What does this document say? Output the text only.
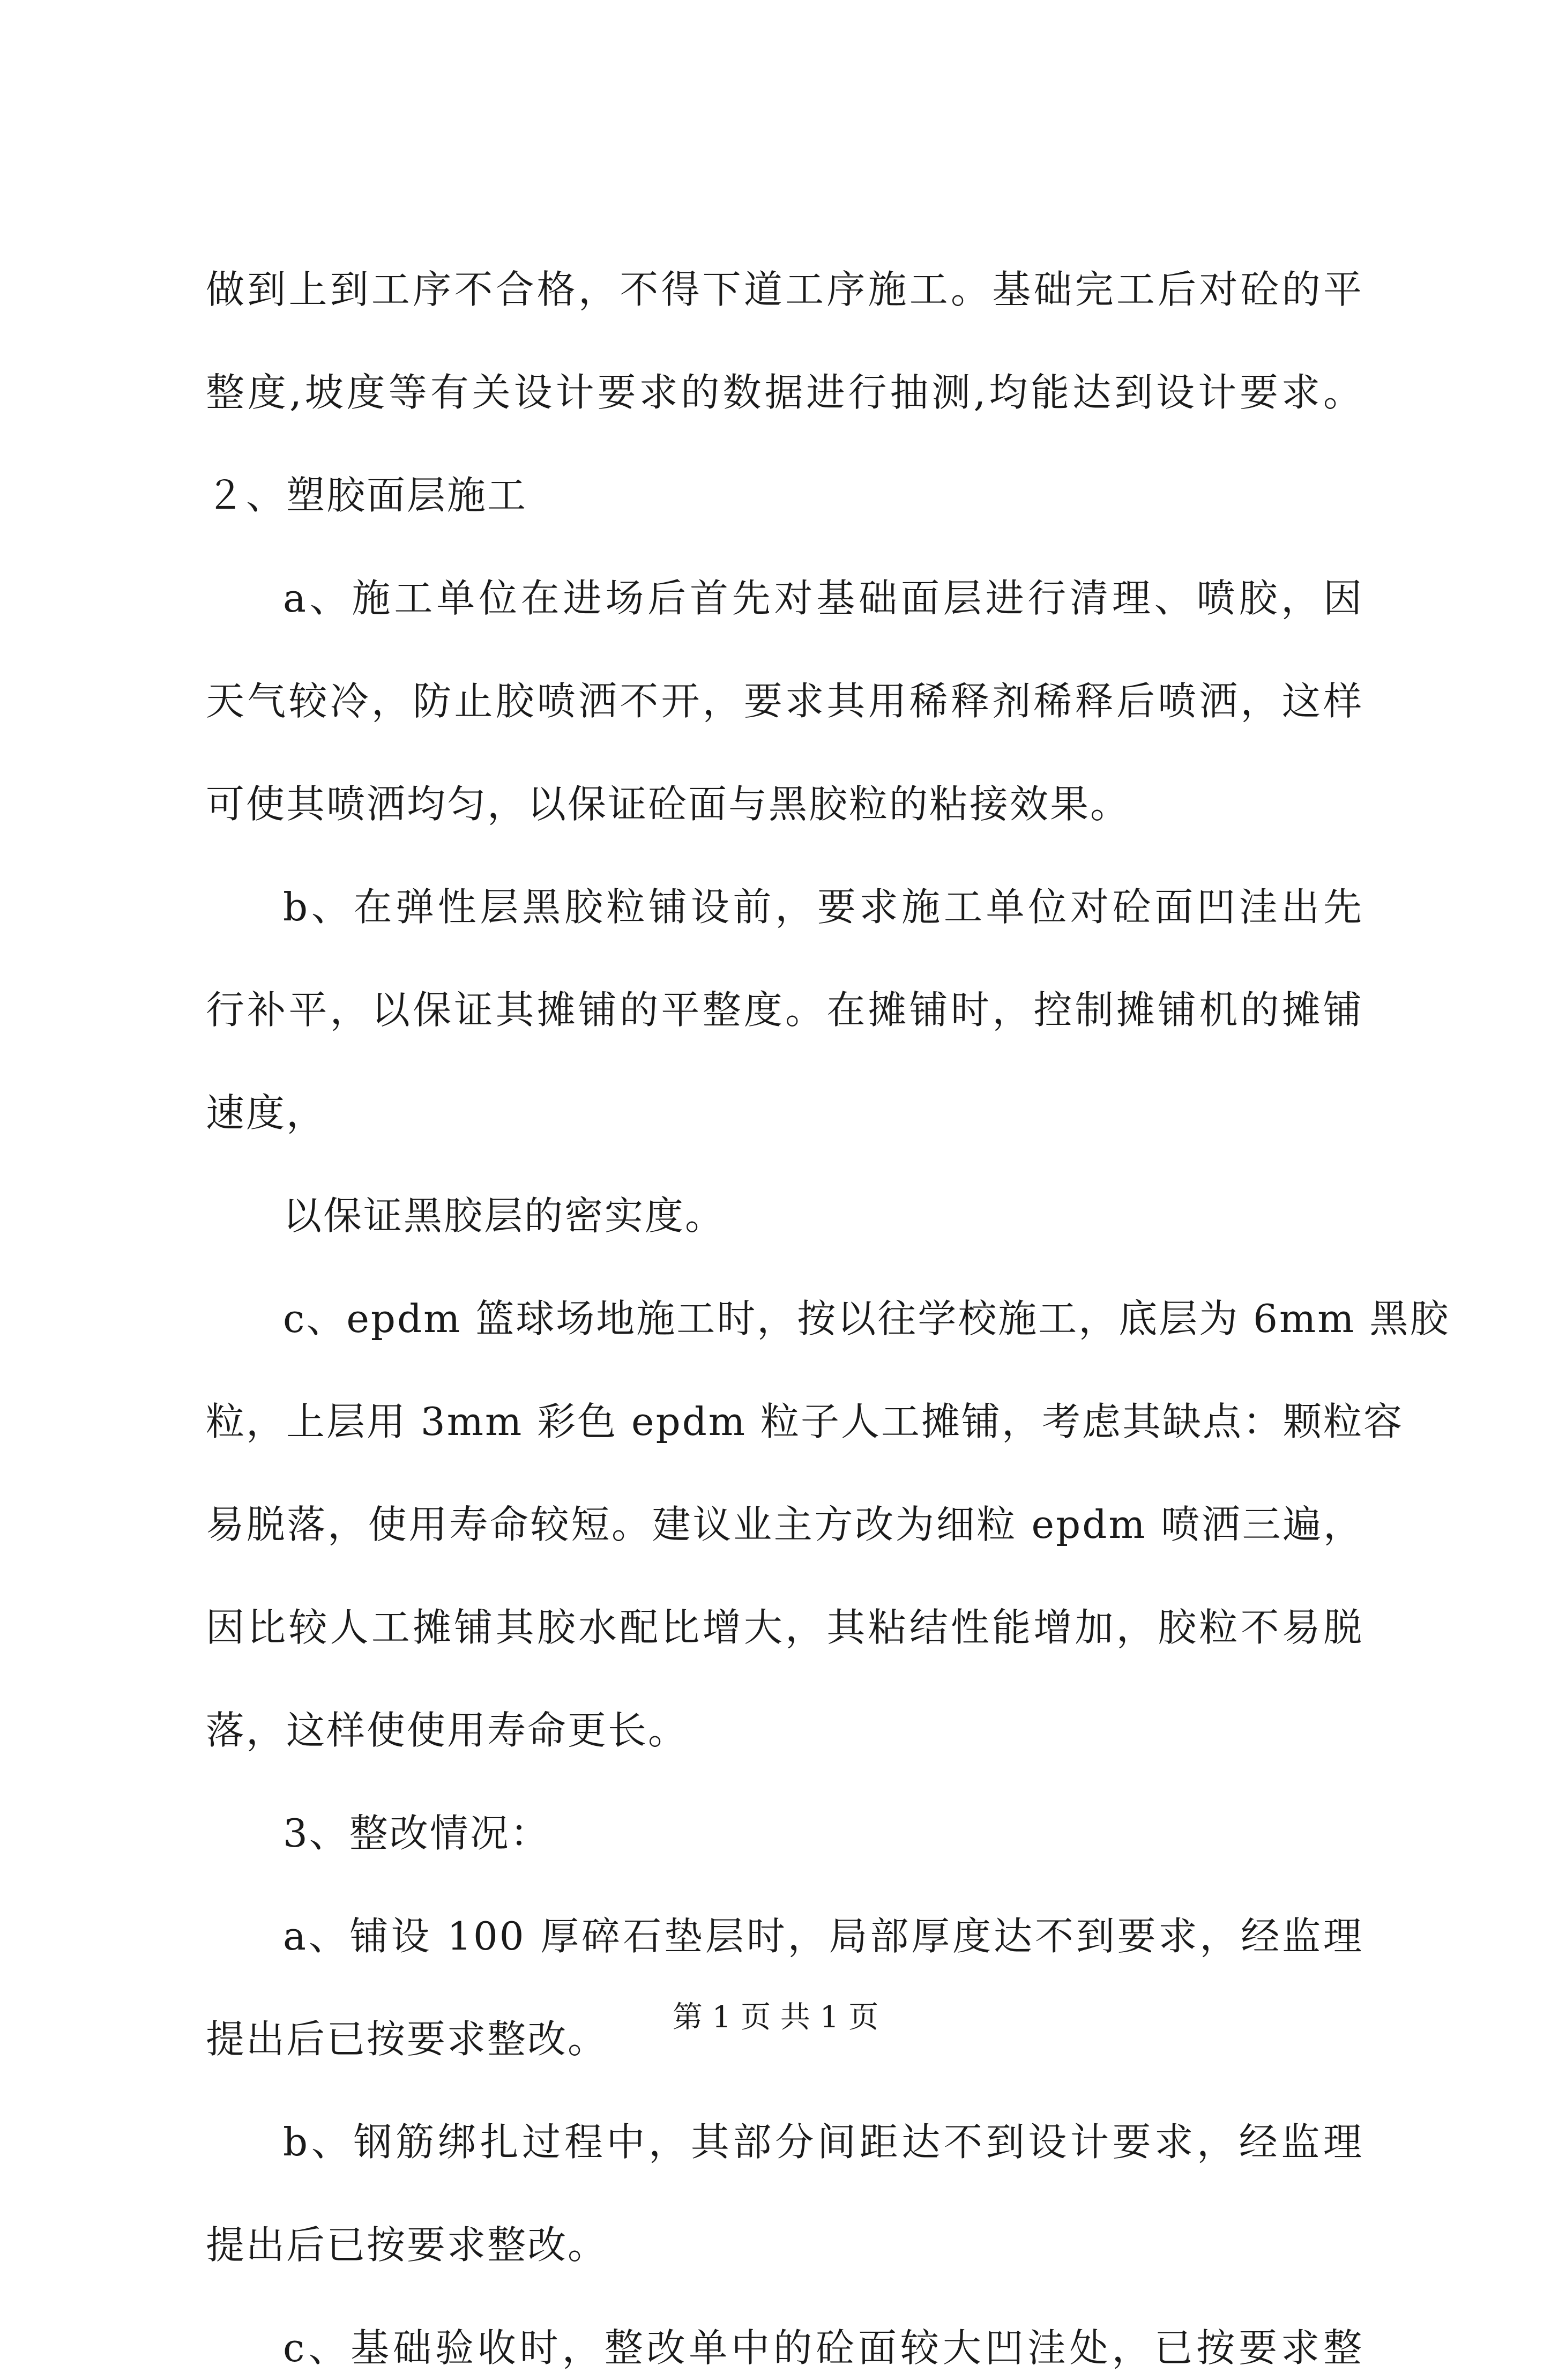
做到上到工序不合格，不得下道工序施工。基础完工后对砼的平
整度,坡度等有关设计要求的数据进行抽测,均能达到设计要求。
２、塑胶面层施工
a、施工单位在进场后首先对基础面层进行清理、喷胶，因
天气较冷，防止胶喷洒不开，要求其用稀释剂稀释后喷洒，这样
可使其喷洒均匀，以保证砼面与黑胶粒的粘接效果。
b、在弹性层黑胶粒铺设前，要求施工单位对砼面凹洼出先
行补平，以保证其摊铺的平整度。在摊铺时，控制摊铺机的摊铺
速度，
以保证黑胶层的密实度。
c、epdm 篮球场地施工时，按以往学校施工，底层为 6mm 黑胶
粒，上层用 3mm 彩色 epdm 粒子人工摊铺，考虑其缺点：颗粒容
易脱落，使用寿命较短。建议业主方改为细粒 epdm 喷洒三遍，
因比较人工摊铺其胶水配比增大，其粘结性能增加，胶粒不易脱
落，这样使使用寿命更长。
3、整改情况：
a、铺设 100 厚碎石垫层时，局部厚度达不到要求，经监理
提出后已按要求整改。
b、钢筋绑扎过程中，其部分间距达不到设计要求，经监理
提出后已按要求整改。
c、基础验收时，整改单中的砼面较大凹洼处，已按要求整
第 1 页 共 1 页
